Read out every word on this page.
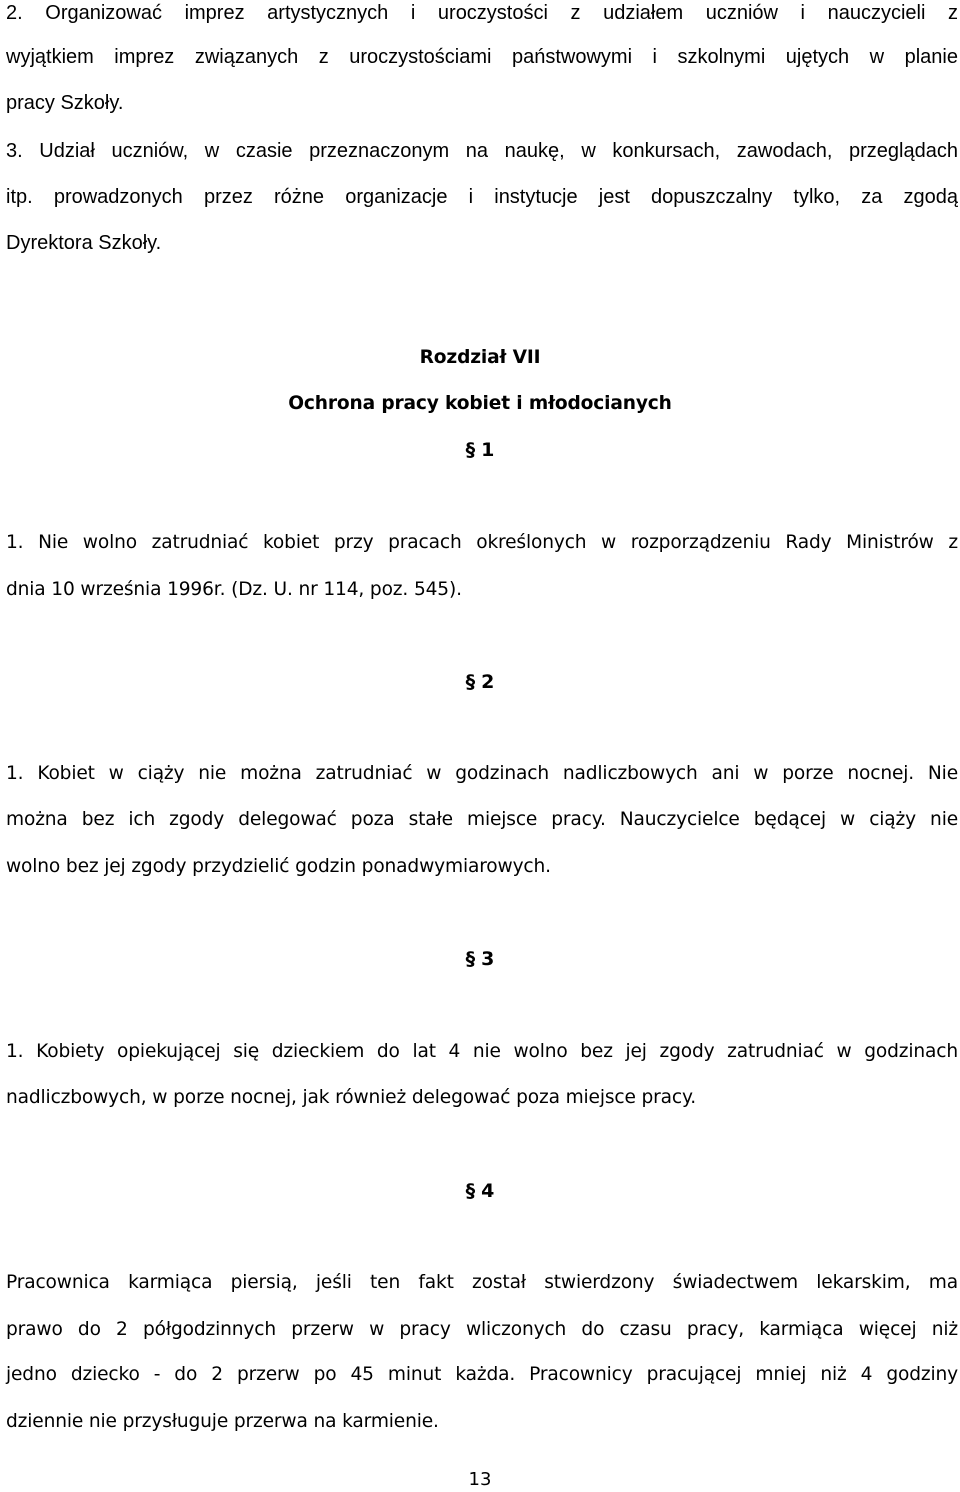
2. Organizować imprez artystycznych i uroczystości z udziałem uczniów i nauczycieli z
wyjątkiem imprez związanych z uroczystościami państwowymi i szkolnymi ujętych w planie
pracy Szkoły.
3. Udział uczniów, w czasie przeznaczonym na naukę, w konkursach, zawodach, przeglądach
itp. prowadzonych przez różne organizacje i instytucje jest dopuszczalny tylko, za zgodą
Dyrektora Szkoły.
Rozdział VII
Ochrona pracy kobiet i młodocianych
§ 1
1. Nie wolno zatrudniać kobiet przy pracach określonych w rozporządzeniu Rady Ministrów z
dnia 10 września 1996r. (Dz. U. nr 114, poz. 545).
§ 2
1. Kobiet w ciąży nie można zatrudniać w godzinach nadliczbowych ani w porze nocnej. Nie
można bez ich zgody delegować poza stałe miejsce pracy. Nauczycielce będącej w ciąży nie
wolno bez jej zgody przydzielić godzin ponadwymiarowych.
§ 3
1. Kobiety opiekującej się dzieckiem do lat 4 nie wolno bez jej zgody zatrudniać w godzinach
nadliczbowych, w porze nocnej, jak również delegować poza miejsce pracy.
§ 4
Pracownica karmiąca piersią, jeśli ten fakt został stwierdzony świadectwem lekarskim, ma
prawo do 2 półgodzinnych przerw w pracy wliczonych do czasu pracy, karmiąca więcej niż
jedno dziecko - do 2 przerw po 45 minut każda. Pracownicy pracującej mniej niż 4 godziny
dziennie nie przysługuje przerwa na karmienie.
13
